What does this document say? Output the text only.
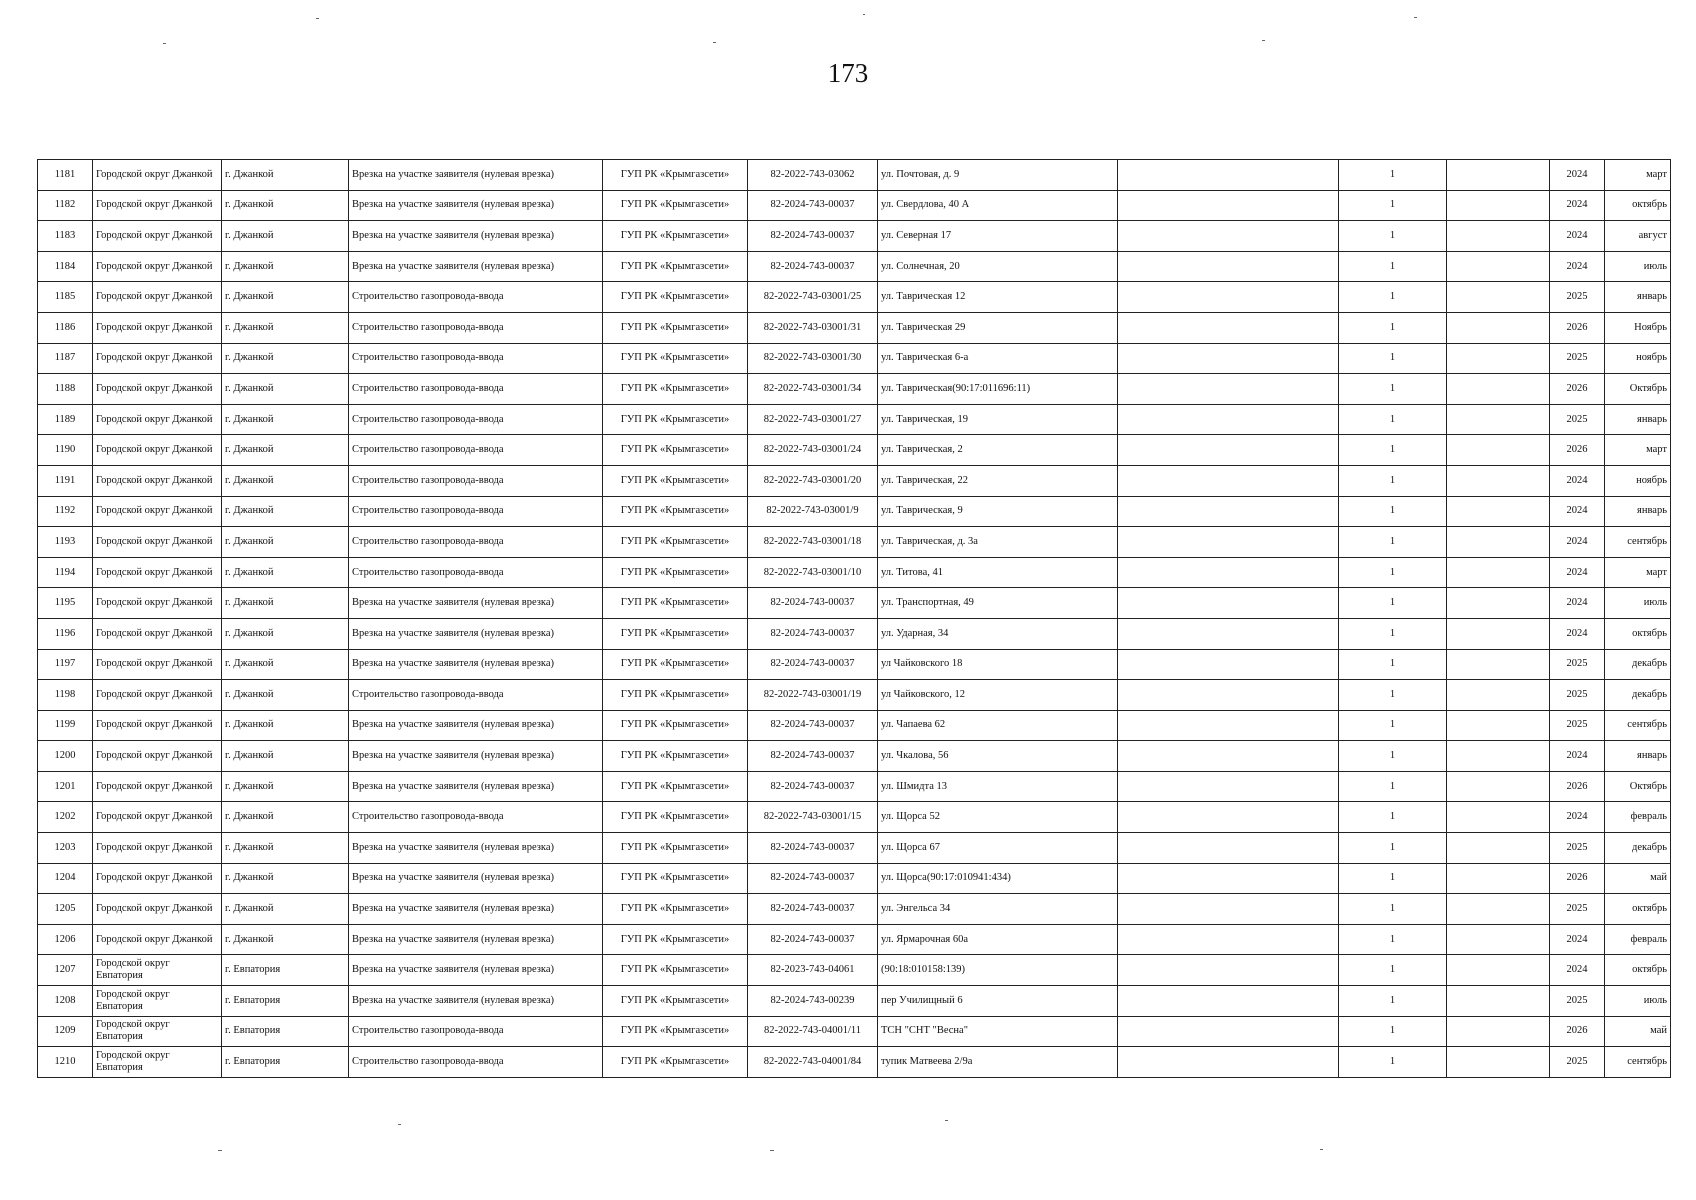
173
1181	Городской округ Джанкой	г. Джанкой	Врезка на участке заявителя (нулевая врезка)	ГУП РК «Крымгазсети»	82-2022-743-03062	ул. Почтовая, д. 9		1		2024	март
1182	Городской округ Джанкой	г. Джанкой	Врезка на участке заявителя (нулевая врезка)	ГУП РК «Крымгазсети»	82-2024-743-00037	ул. Свердлова, 40 А		1		2024	октябрь
1183	Городской округ Джанкой	г. Джанкой	Врезка на участке заявителя (нулевая врезка)	ГУП РК «Крымгазсети»	82-2024-743-00037	ул. Северная 17		1		2024	август
1184	Городской округ Джанкой	г. Джанкой	Врезка на участке заявителя (нулевая врезка)	ГУП РК «Крымгазсети»	82-2024-743-00037	ул. Солнечная, 20		1		2024	июль
1185	Городской округ Джанкой	г. Джанкой	Строительство газопровода-ввода	ГУП РК «Крымгазсети»	82-2022-743-03001/25	ул. Таврическая 12		1		2025	январь
1186	Городской округ Джанкой	г. Джанкой	Строительство газопровода-ввода	ГУП РК «Крымгазсети»	82-2022-743-03001/31	ул. Таврическая 29		1		2026	Ноябрь
1187	Городской округ Джанкой	г. Джанкой	Строительство газопровода-ввода	ГУП РК «Крымгазсети»	82-2022-743-03001/30	ул. Таврическая 6-а		1		2025	ноябрь
1188	Городской округ Джанкой	г. Джанкой	Строительство газопровода-ввода	ГУП РК «Крымгазсети»	82-2022-743-03001/34	ул. Таврическая(90:17:011696:11)		1		2026	Октябрь
1189	Городской округ Джанкой	г. Джанкой	Строительство газопровода-ввода	ГУП РК «Крымгазсети»	82-2022-743-03001/27	ул. Таврическая, 19		1		2025	январь
1190	Городской округ Джанкой	г. Джанкой	Строительство газопровода-ввода	ГУП РК «Крымгазсети»	82-2022-743-03001/24	ул. Таврическая, 2		1		2026	март
1191	Городской округ Джанкой	г. Джанкой	Строительство газопровода-ввода	ГУП РК «Крымгазсети»	82-2022-743-03001/20	ул. Таврическая, 22		1		2024	ноябрь
1192	Городской округ Джанкой	г. Джанкой	Строительство газопровода-ввода	ГУП РК «Крымгазсети»	82-2022-743-03001/9	ул. Таврическая, 9		1		2024	январь
1193	Городской округ Джанкой	г. Джанкой	Строительство газопровода-ввода	ГУП РК «Крымгазсети»	82-2022-743-03001/18	ул. Таврическая, д. 3а		1		2024	сентябрь
1194	Городской округ Джанкой	г. Джанкой	Строительство газопровода-ввода	ГУП РК «Крымгазсети»	82-2022-743-03001/10	ул. Титова, 41		1		2024	март
1195	Городской округ Джанкой	г. Джанкой	Врезка на участке заявителя (нулевая врезка)	ГУП РК «Крымгазсети»	82-2024-743-00037	ул. Транспортная, 49		1		2024	июль
1196	Городской округ Джанкой	г. Джанкой	Врезка на участке заявителя (нулевая врезка)	ГУП РК «Крымгазсети»	82-2024-743-00037	ул. Ударная, 34		1		2024	октябрь
1197	Городской округ Джанкой	г. Джанкой	Врезка на участке заявителя (нулевая врезка)	ГУП РК «Крымгазсети»	82-2024-743-00037	ул Чайковского 18		1		2025	декабрь
1198	Городской округ Джанкой	г. Джанкой	Строительство газопровода-ввода	ГУП РК «Крымгазсети»	82-2022-743-03001/19	ул Чайковского, 12		1		2025	декабрь
1199	Городской округ Джанкой	г. Джанкой	Врезка на участке заявителя (нулевая врезка)	ГУП РК «Крымгазсети»	82-2024-743-00037	ул. Чапаева 62		1		2025	сентябрь
1200	Городской округ Джанкой	г. Джанкой	Врезка на участке заявителя (нулевая врезка)	ГУП РК «Крымгазсети»	82-2024-743-00037	ул. Чкалова, 56		1		2024	январь
1201	Городской округ Джанкой	г. Джанкой	Врезка на участке заявителя (нулевая врезка)	ГУП РК «Крымгазсети»	82-2024-743-00037	ул. Шмидта 13		1		2026	Октябрь
1202	Городской округ Джанкой	г. Джанкой	Строительство газопровода-ввода	ГУП РК «Крымгазсети»	82-2022-743-03001/15	ул. Щорса 52		1		2024	февраль
1203	Городской округ Джанкой	г. Джанкой	Врезка на участке заявителя (нулевая врезка)	ГУП РК «Крымгазсети»	82-2024-743-00037	ул. Щорса 67		1		2025	декабрь
1204	Городской округ Джанкой	г. Джанкой	Врезка на участке заявителя (нулевая врезка)	ГУП РК «Крымгазсети»	82-2024-743-00037	ул. Щорса(90:17:010941:434)		1		2026	май
1205	Городской округ Джанкой	г. Джанкой	Врезка на участке заявителя (нулевая врезка)	ГУП РК «Крымгазсети»	82-2024-743-00037	ул. Энгельса 34		1		2025	октябрь
1206	Городской округ Джанкой	г. Джанкой	Врезка на участке заявителя (нулевая врезка)	ГУП РК «Крымгазсети»	82-2024-743-00037	ул. Ярмарочная 60а		1		2024	февраль
1207	Городской округ Евпатория	г. Евпатория	Врезка на участке заявителя (нулевая врезка)	ГУП РК «Крымгазсети»	82-2023-743-04061	(90:18:010158:139)		1		2024	октябрь
1208	Городской округ Евпатория	г. Евпатория	Врезка на участке заявителя (нулевая врезка)	ГУП РК «Крымгазсети»	82-2024-743-00239	пер Училищный 6		1		2025	июль
1209	Городской округ Евпатория	г. Евпатория	Строительство газопровода-ввода	ГУП РК «Крымгазсети»	82-2022-743-04001/11	ТСН "СНТ "Весна"		1		2026	май
1210	Городской округ Евпатория	г. Евпатория	Строительство газопровода-ввода	ГУП РК «Крымгазсети»	82-2022-743-04001/84	тупик Матвеева 2/9а		1		2025	сентябрь
